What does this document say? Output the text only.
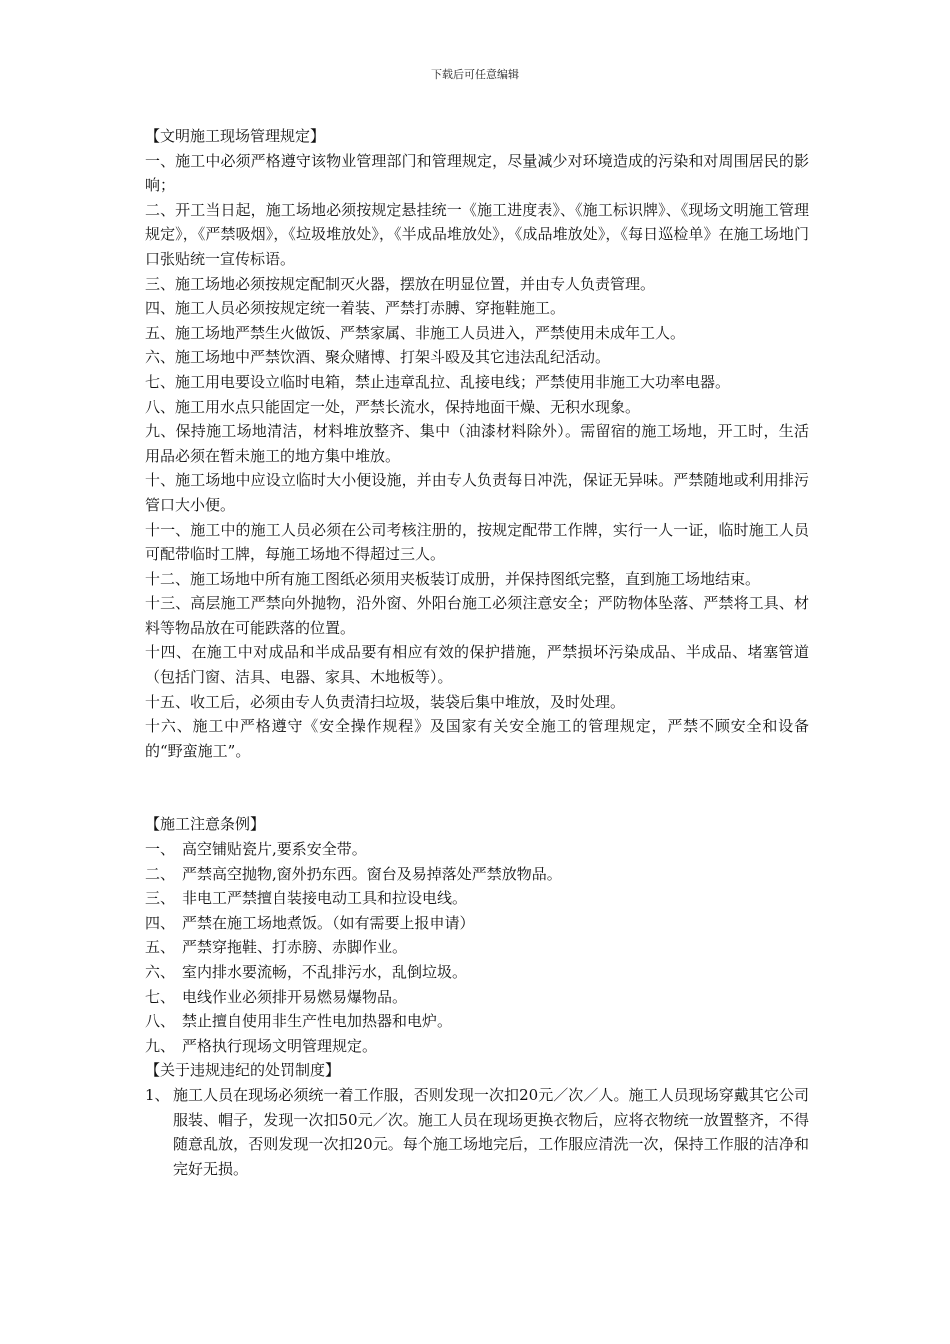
下载后可任意编辑

【文明施工现场管理规定】

一、施工中必须严格遵守该物业管理部门和管理规定，尽量减少对环境造成的污染和对周围居民的影响；

二、开工当日起，施工场地必须按规定悬挂统一《施工进度表》、《施工标识牌》、《现场文明施工管理规定》，《严禁吸烟》，《垃圾堆放处》，《半成品堆放处》，《成品堆放处》，《每日巡检单》在施工场地门口张贴统一宣传标语。

三、施工场地必须按规定配制灭火器，摆放在明显位置，并由专人负责管理。

四、施工人员必须按规定统一着装、严禁打赤膊、穿拖鞋施工。

五、施工场地严禁生火做饭、严禁家属、非施工人员进入，严禁使用未成年工人。

六、施工场地中严禁饮酒、聚众赌博、打架斗殴及其它违法乱纪活动。

七、施工用电要设立临时电箱，禁止违章乱拉、乱接电线；严禁使用非施工大功率电器。

八、施工用水点只能固定一处，严禁长流水，保持地面干燥、无积水现象。

九、保持施工场地清洁，材料堆放整齐、集中（油漆材料除外）。需留宿的施工场地，开工时，生活用品必须在暂未施工的地方集中堆放。

十、施工场地中应设立临时大小便设施，并由专人负责每日冲洗，保证无异味。严禁随地或利用排污管口大小便。

十一、施工中的施工人员必须在公司考核注册的，按规定配带工作牌，实行一人一证，临时施工人员可配带临时工牌，每施工场地不得超过三人。

十二、施工场地中所有施工图纸必须用夹板装订成册，并保持图纸完整，直到施工场地结束。

十三、高层施工严禁向外抛物，沿外窗、外阳台施工必须注意安全；严防物体坠落、严禁将工具、材料等物品放在可能跌落的位置。

十四、在施工中对成品和半成品要有相应有效的保护措施，严禁损坏污染成品、半成品、堵塞管道（包括门窗、洁具、电器、家具、木地板等）。

十五、收工后，必须由专人负责清扫垃圾，装袋后集中堆放，及时处理。

十六、施工中严格遵守《安全操作规程》及国家有关安全施工的管理规定，严禁不顾安全和设备的“野蛮施工”。

【施工注意条例】

一、 高空铺贴瓷片,要系安全带。
二、 严禁高空抛物,窗外扔东西。窗台及易掉落处严禁放物品。
三、 非电工严禁擅自装接电动工具和拉设电线。
四、 严禁在施工场地煮饭。（如有需要上报申请）
五、 严禁穿拖鞋、打赤膀、赤脚作业。
六、 室内排水要流畅，不乱排污水，乱倒垃圾。
七、 电线作业必须排开易燃易爆物品。
八、 禁止擅自使用非生产性电加热器和电炉。
九、 严格执行现场文明管理规定。

【关于违规违纪的处罚制度】

1、 施工人员在现场必须统一着工作服，否则发现一次扣20元／次／人。施工人员现场穿戴其它公司服装、帽子，发现一次扣50元／次。施工人员在现场更换衣物后，应将衣物统一放置整齐，不得随意乱放，否则发现一次扣20元。每个施工场地完后，工作服应清洗一次，保持工作服的洁净和完好无损。
